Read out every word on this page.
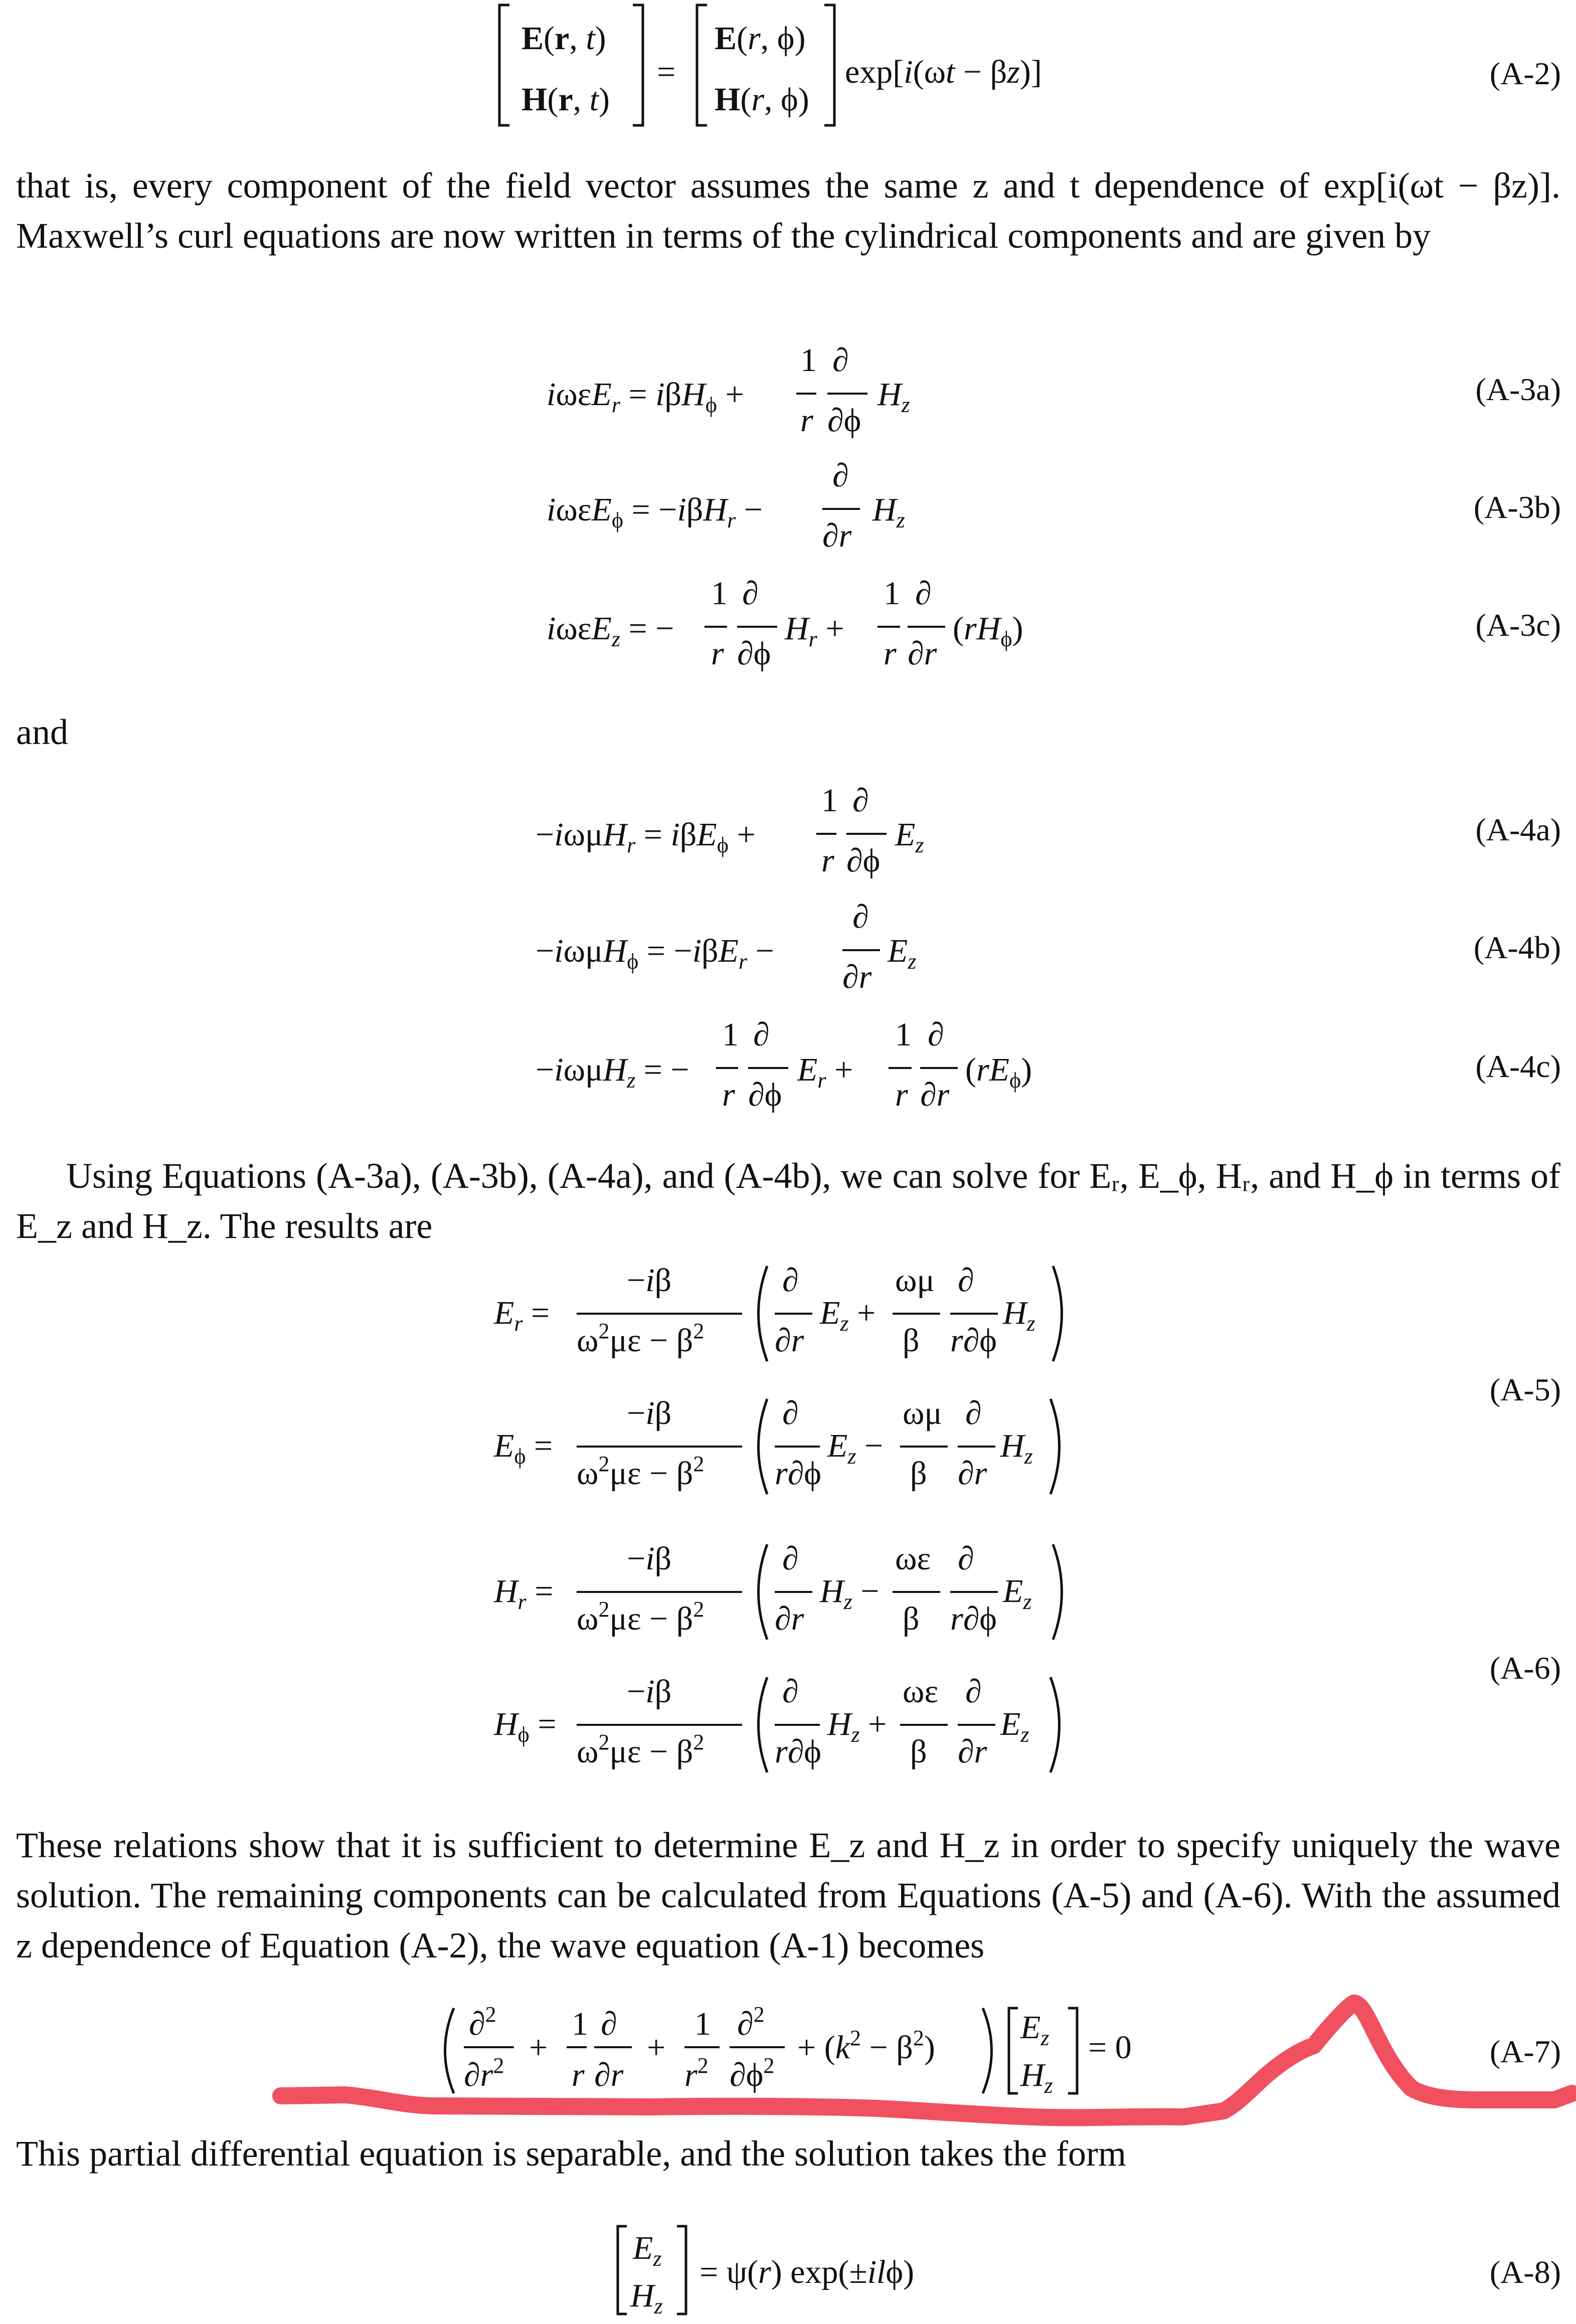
E(r, t)
H(r, t)
=
E(r, ϕ)
H(r, ϕ)
exp[i(ωt − βz)]	(A-2)

that is, every component of the field vector assumes the same z and t dependence of exp[i(ωt − βz)]. Maxwell’s curl equations are now written in terms of the cylindrical components and are given by

iωεE$_r$ = iβH$_\phi$ +
1
r
∂
∂ϕ
$H_z$
iωεE$_\phi$ = −iβH$_r$ −
∂
∂r
$H_z$
iωεE$_z$ = −
1
r
∂
∂ϕ
$H_r$ +
1
r
∂
∂r
$(rH_\phi)$
(A-3a)
(A-3b)
(A-3c)

and

−iωμH$_r$ = iβE$_\phi$ +
1
r
∂
∂ϕ
$E_z$
−iωμH$_\phi$ = −iβE$_r$ −
∂
∂r
$E_z$
−iωμH$_z$ = −
1
r
∂
∂ϕ
$E_r$ +
1
r
∂
∂r
$(rE_\phi)$
(A-4a)
(A-4b)
(A-4c)

Using Equations (A-3a), (A-3b), (A-4a), and (A-4b), we can solve for Eᵣ, E_ϕ, Hᵣ, and H_ϕ in terms of E_z and H_z. The results are

$E_r$ =
−iβ
$\omega^2\mu\varepsilon - \beta^2$
∂
∂r
$E_z$ +
ωμ
β
∂
r∂ϕ
$H_z$
$E_\phi$ =
−iβ
$\omega^2\mu\varepsilon - \beta^2$
∂
r∂ϕ
$E_z$ −
ωμ
β
∂
∂r
$H_z$
$H_r$ =
−iβ
$\omega^2\mu\varepsilon - \beta^2$
∂
∂r
$H_z$ −
ωε
β
∂
r∂ϕ
$E_z$
$H_\phi$ =
−iβ
$\omega^2\mu\varepsilon - \beta^2$
∂
r∂ϕ
$H_z$ +
ωε
β
∂
∂r
$E_z$
(A-5)
(A-6)

These relations show that it is sufficient to determine E_z and H_z in order to specify uniquely the wave solution. The remaining components can be calculated from Equations (A-5) and (A-6). With the assumed z dependence of Equation (A-2), the wave equation (A-1) becomes

∂$^2$
$\partial r^2$ +
1
r
∂
∂r
+
1
$r^2$
∂$^2$
$\partial\phi^2 + (k^2 - \beta^2)$
$E_z$
$H_z$
= 0	(A-7)

This partial differential equation is separable, and the solution takes the form

$E_z$
$H_z$
= ψ(r) exp(±ilϕ)	(A-8)
